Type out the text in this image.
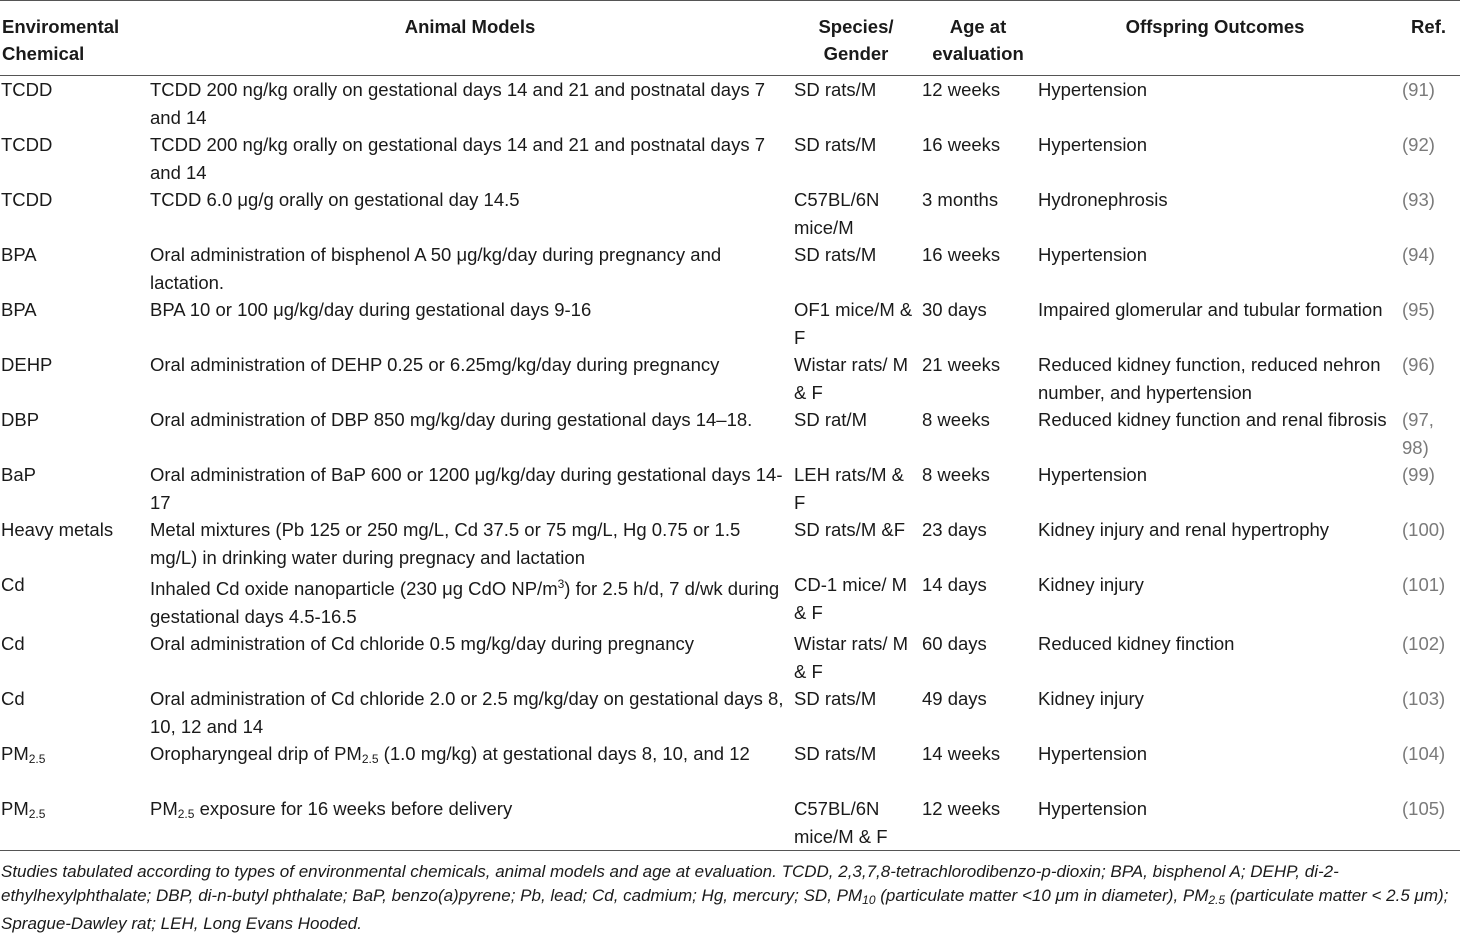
Enviromental Chemical	Animal Models	Species/ Gender	Age at evaluation	Offspring Outcomes	Ref.
TCDD	TCDD 200 ng/kg orally on gestational days 14 and 21 and postnatal days 7 and 14	SD rats/M	12 weeks	Hypertension	(91)
TCDD	TCDD 200 ng/kg orally on gestational days 14 and 21 and postnatal days 7 and 14	SD rats/M	16 weeks	Hypertension	(92)
TCDD	TCDD 6.0 μg/g orally on gestational day 14.5	C57BL/6N mice/M	3 months	Hydronephrosis	(93)
BPA	Oral administration of bisphenol A 50 μg/kg/day during pregnancy and lactation.	SD rats/M	16 weeks	Hypertension	(94)
BPA	BPA 10 or 100 μg/kg/day during gestational days 9-16	OF1 mice/M & F	30 days	Impaired glomerular and tubular formation	(95)
DEHP	Oral administration of DEHP 0.25 or 6.25mg/kg/day during pregnancy	Wistar rats/ M & F	21 weeks	Reduced kidney function, reduced nehron number, and hypertension	(96)
DBP	Oral administration of DBP 850 mg/kg/day during gestational days 14–18.	SD rat/M	8 weeks	Reduced kidney function and renal fibrosis	(97, 98)
BaP	Oral administration of BaP 600 or 1200 μg/kg/day during gestational days 14-17	LEH rats/M & F	8 weeks	Hypertension	(99)
Heavy metals	Metal mixtures (Pb 125 or 250 mg/L, Cd 37.5 or 75 mg/L, Hg 0.75 or 1.5 mg/L) in drinking water during pregnacy and lactation	SD rats/M &F	23 days	Kidney injury and renal hypertrophy	(100)
Cd	Inhaled Cd oxide nanoparticle (230 μg CdO $NP/m^3$) for 2.5 h/d, 7 d/wk during gestational days 4.5-16.5	CD-1 mice/ M & F	14 days	Kidney injury	(101)
Cd	Oral administration of Cd chloride 0.5 mg/kg/day during pregnancy	Wistar rats/ M & F	60 days	Reduced kidney finction	(102)
Cd	Oral administration of Cd chloride 2.0 or 2.5 mg/kg/day on gestational days 8, 10, 12 and 14	SD rats/M	49 days	Kidney injury	(103)
$PM_{2.5}$	Oropharyngeal drip of $PM_{2.5}$ (1.0 mg/kg) at gestational days 8, 10, and 12	SD rats/M	14 weeks	Hypertension	(104)
$PM_{2.5}$	$PM_{2.5}$ exposure for 16 weeks before delivery	C57BL/6N mice/M & F	12 weeks	Hypertension	(105)
Studies tabulated according to types of environmental chemicals, animal models and age at evaluation. TCDD, 2,3,7,8-tetrachlorodibenzo-p-dioxin; BPA, bisphenol A; DEHP, di-2-ethylhexylphthalate; DBP, di-n-butyl phthalate; BaP, benzo(a)pyrene; Pb, lead; Cd, cadmium; Hg, mercury; SD, $PM_{10}$ (particulate matter <10 μm in diameter), $PM_{2.5}$ (particulate matter < 2.5 μm); Sprague-Dawley rat; LEH, Long Evans Hooded.
